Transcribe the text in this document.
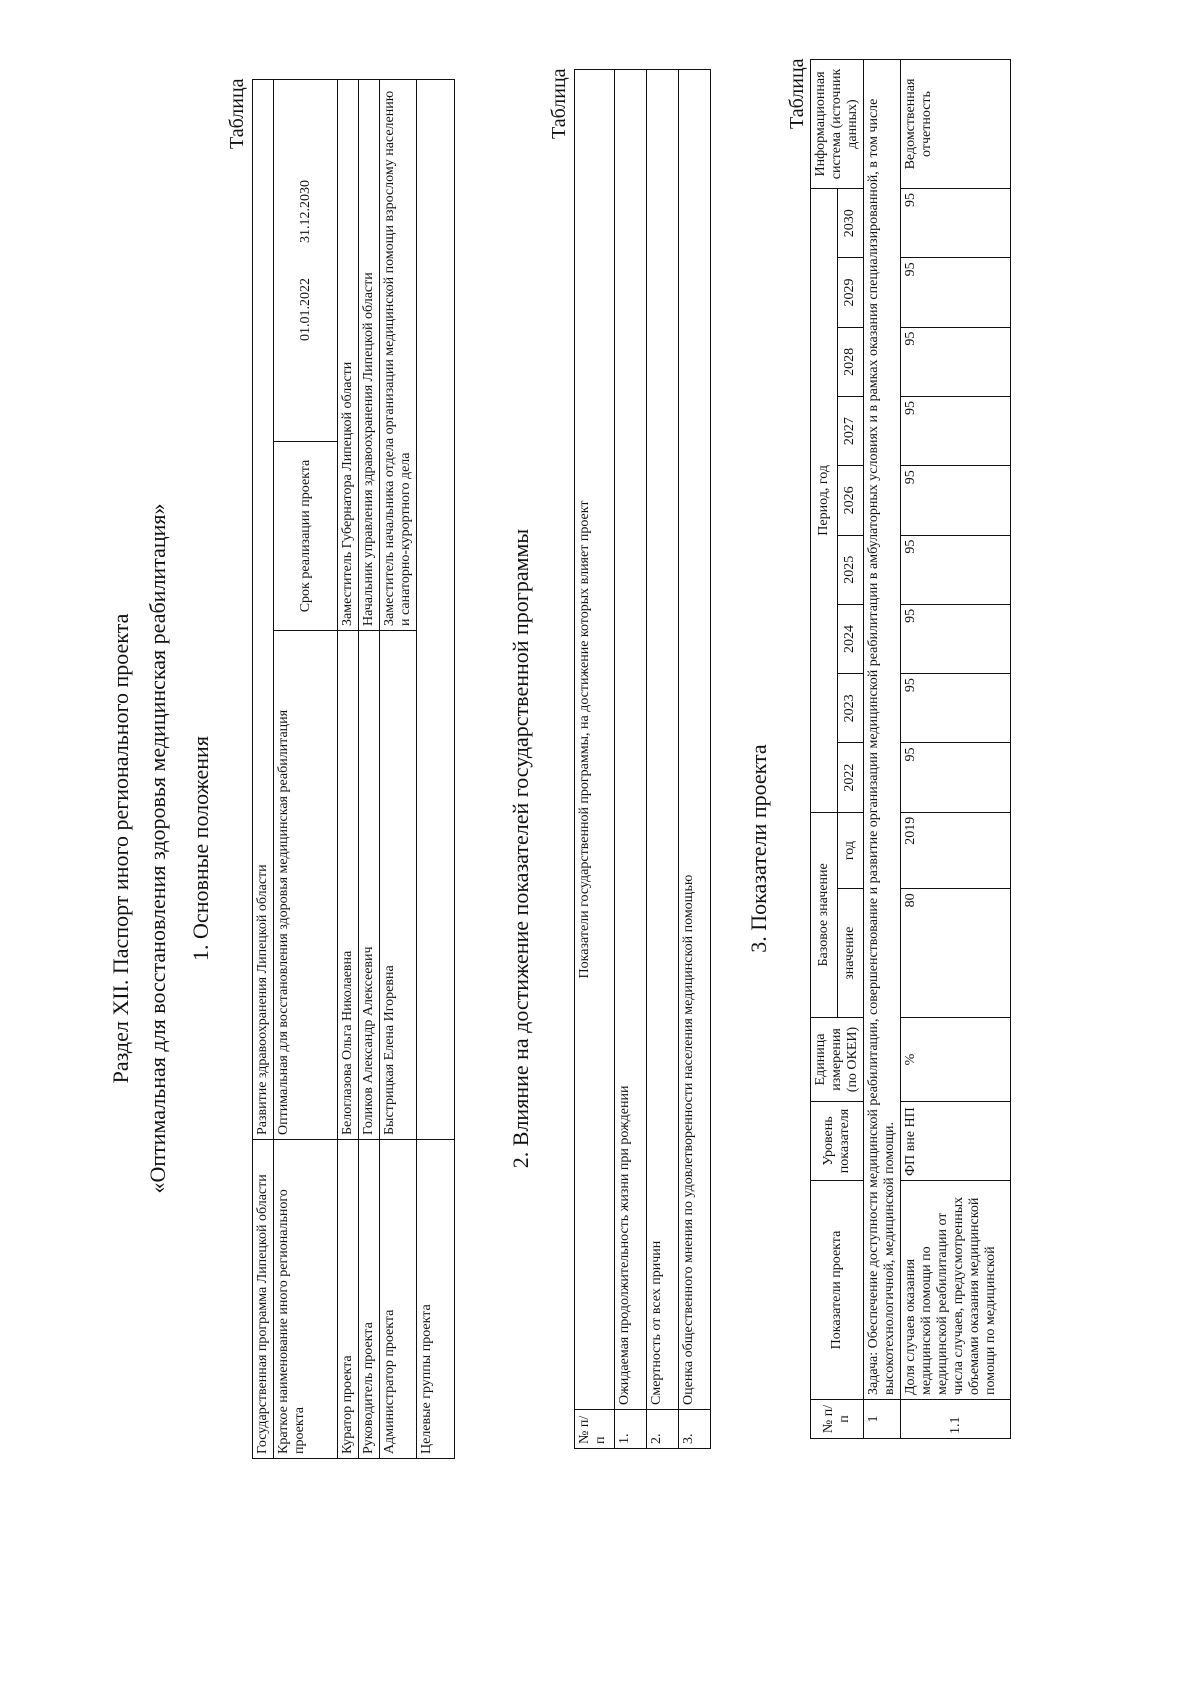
Раздел XII. Паспорт иного регионального проекта «Оптимальная для восстановления здоровья медицинская реабилитация» 1. Основные положения
Таблица
Государственная программа Липецкой области	Развитие здравоохранения Липецкой области		
Краткое наименование иного регионального проекта	Оптимальная для восстановления здоровья медицинская реабилитация	Срок реализации проекта	01.01.2022          31.12.2030
Куратор проекта	Белоглазова Ольга Николаевна	Заместитель Губернатора Липецкой области	
Руководитель проекта	Голиков Александр Алексеевич	Начальник управления здравоохранения Липецкой области	
Администратор проекта	Быстрицкая Елена Игоревна	Заместитель начальника отдела организации медицинской помощи взрослому населению и санаторно-курортного дела	
Целевые группы проекта			
2. Влияние на достижение показателей государственной программы
Таблица
№ п/п	Показатели государственной программы, на достижение которых влияет проект
1.	Ожидаемая продолжительность жизни при рождении
2.	Смертность от всех причин
3.	Оценка общественного мнения по удовлетворенности населения медицинской помощью
3. Показатели проекта
Таблица
№ п/п	Показатели проекта	Уровень показателя	Единица измерения (по ОКЕИ)	Базовое значение		Период, год									Информационная система (источник данных)
				значение	год	2022	2023	2024	2025	2026	2027	2028	2029	2030	
1	Задача: Обеспечение доступности медицинской реабилитации, совершенствование и развитие организации медицинской реабилитации в амбулаторных условиях и в рамках оказания специализированной, в том числе высокотехнологичной, медицинской помощи.														
1.1	Доля случаев оказания медицинской помощи по медицинской реабилитации от числа случаев, предусмотренных объемами оказания медицинской помощи по медицинской	ФП вне НП	%	80	2019	95	95	95	95	95	95	95	95	95	Ведомственная отчетность
